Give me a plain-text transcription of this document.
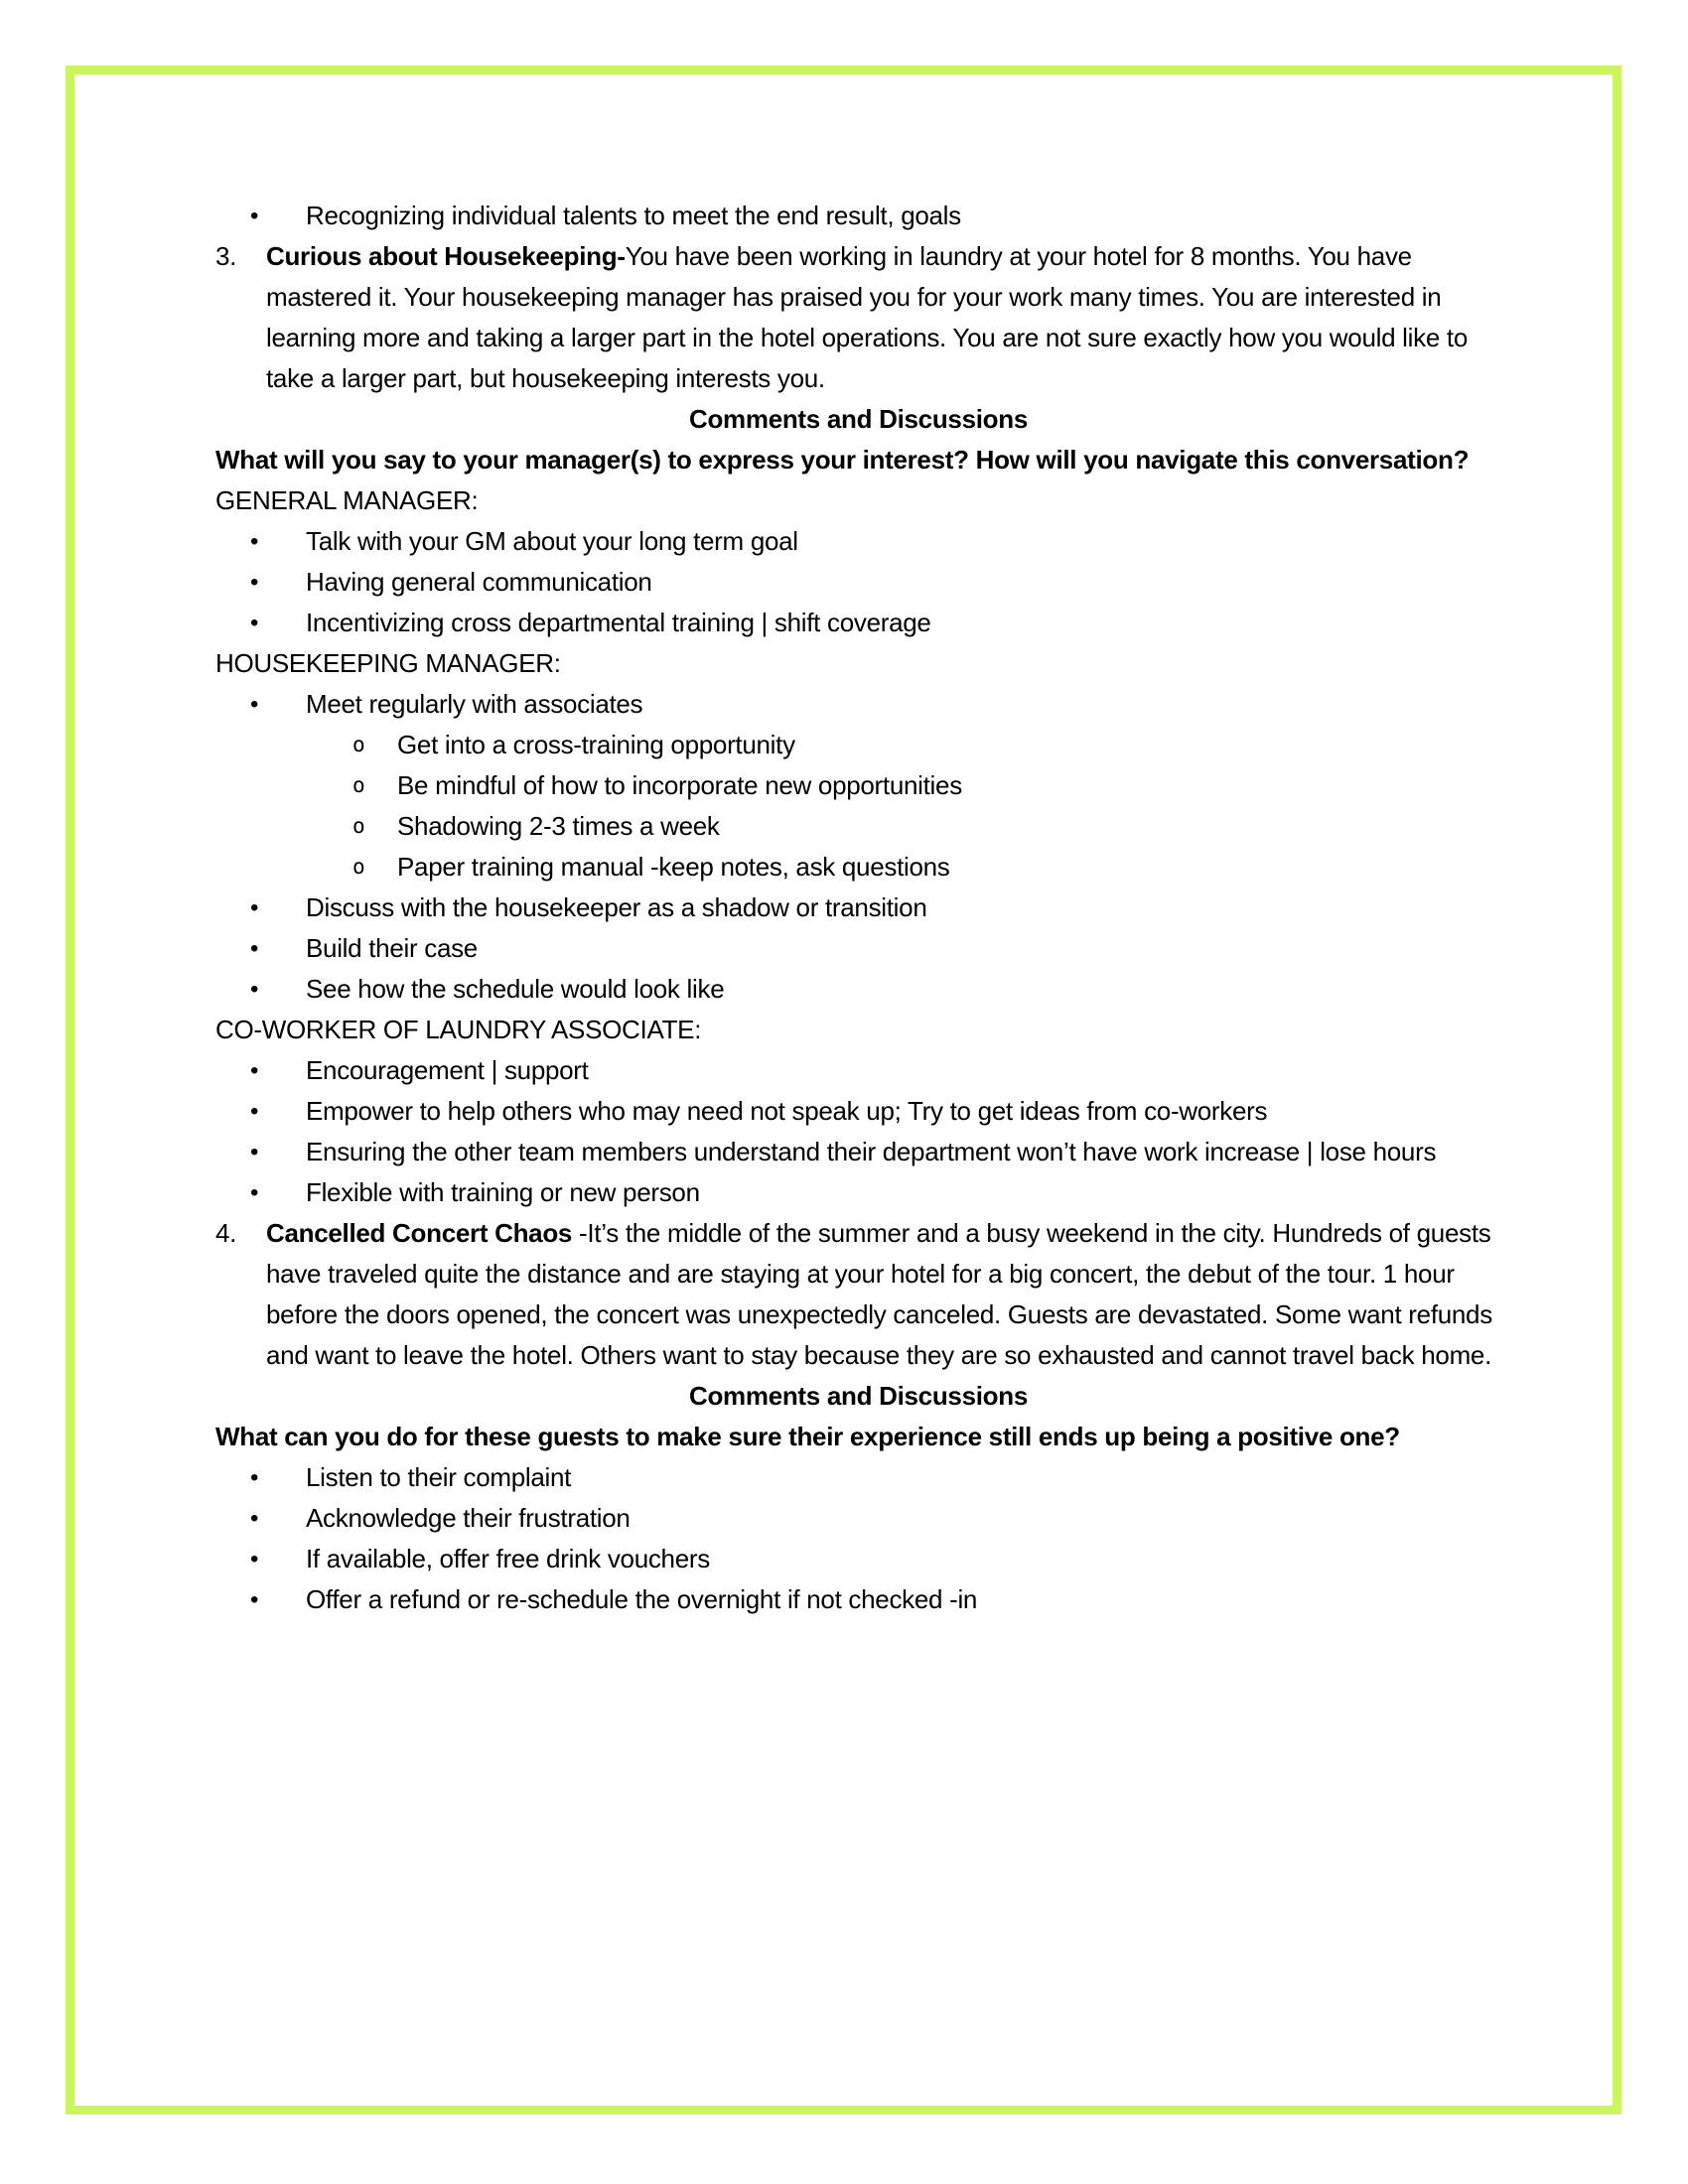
• Recognizing individual talents to meet the end result, goals

3. Curious about Housekeeping-You have been working in laundry at your hotel for 8 months. You have mastered it. Your housekeeping manager has praised you for your work many times. You are interested in learning more and taking a larger part in the hotel operations. You are not sure exactly how you would like to take a larger part, but housekeeping interests you.

Comments and Discussions

What will you say to your manager(s) to express your interest? How will you navigate this conversation?

GENERAL MANAGER:

• Talk with your GM about your long term goal

• Having general communication

• Incentivizing cross departmental training | shift coverage

HOUSEKEEPING MANAGER:

• Meet regularly with associates

o Get into a cross-training opportunity

o Be mindful of how to incorporate new opportunities

o Shadowing 2-3 times a week

o Paper training manual -keep notes, ask questions

• Discuss with the housekeeper as a shadow or transition

• Build their case

• See how the schedule would look like

CO-WORKER OF LAUNDRY ASSOCIATE:

• Encouragement | support

• Empower to help others who may need not speak up; Try to get ideas from co-workers

• Ensuring the other team members understand their department won’t have work increase | lose hours

• Flexible with training or new person

4. Cancelled Concert Chaos -It’s the middle of the summer and a busy weekend in the city. Hundreds of guests have traveled quite the distance and are staying at your hotel for a big concert, the debut of the tour. 1 hour before the doors opened, the concert was unexpectedly canceled. Guests are devastated. Some want refunds and want to leave the hotel. Others want to stay because they are so exhausted and cannot travel back home.

Comments and Discussions

What can you do for these guests to make sure their experience still ends up being a positive one?

• Listen to their complaint

• Acknowledge their frustration

• If available, offer free drink vouchers

• Offer a refund or re-schedule the overnight if not checked -in
